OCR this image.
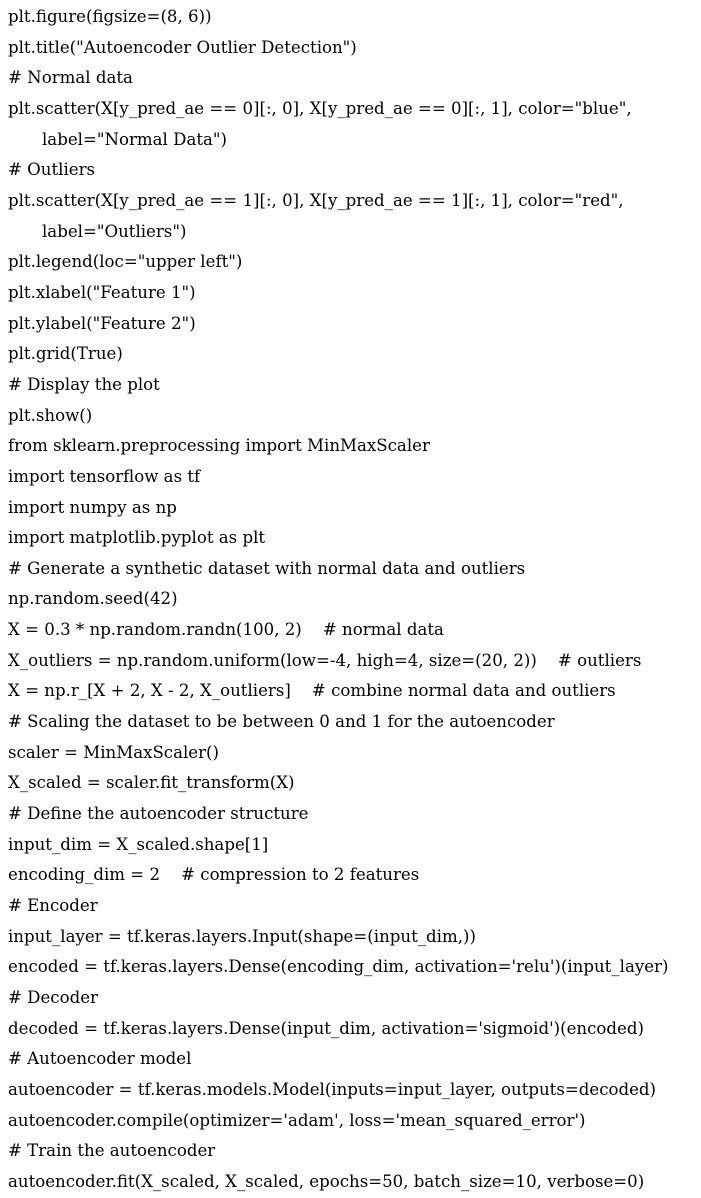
plt.figure(figsize=(8, 6))
plt.title("Autoencoder Outlier Detection")
# Normal data
plt.scatter(X[y_pred_ae == 0][:, 0], X[y_pred_ae == 0][:, 1], color="blue",
label="Normal Data")
# Outliers
plt.scatter(X[y_pred_ae == 1][:, 0], X[y_pred_ae == 1][:, 1], color="red",
label="Outliers")
plt.legend(loc="upper left")
plt.xlabel("Feature 1")
plt.ylabel("Feature 2")
plt.grid(True)
# Display the plot
plt.show()
from sklearn.preprocessing import MinMaxScaler
import tensorflow as tf
import numpy as np
import matplotlib.pyplot as plt
# Generate a synthetic dataset with normal data and outliers
np.random.seed(42)
X = 0.3 * np.random.randn(100, 2)    # normal data
X_outliers = np.random.uniform(low=-4, high=4, size=(20, 2))    # outliers
X = np.r_[X + 2, X - 2, X_outliers]    # combine normal data and outliers
# Scaling the dataset to be between 0 and 1 for the autoencoder
scaler = MinMaxScaler()
X_scaled = scaler.fit_transform(X)
# Define the autoencoder structure
input_dim = X_scaled.shape[1]
encoding_dim = 2    # compression to 2 features
# Encoder
input_layer = tf.keras.layers.Input(shape=(input_dim,))
encoded = tf.keras.layers.Dense(encoding_dim, activation='relu')(input_layer)
# Decoder
decoded = tf.keras.layers.Dense(input_dim, activation='sigmoid')(encoded)
# Autoencoder model
autoencoder = tf.keras.models.Model(inputs=input_layer, outputs=decoded)
autoencoder.compile(optimizer='adam', loss='mean_squared_error')
# Train the autoencoder
autoencoder.fit(X_scaled, X_scaled, epochs=50, batch_size=10, verbose=0)
